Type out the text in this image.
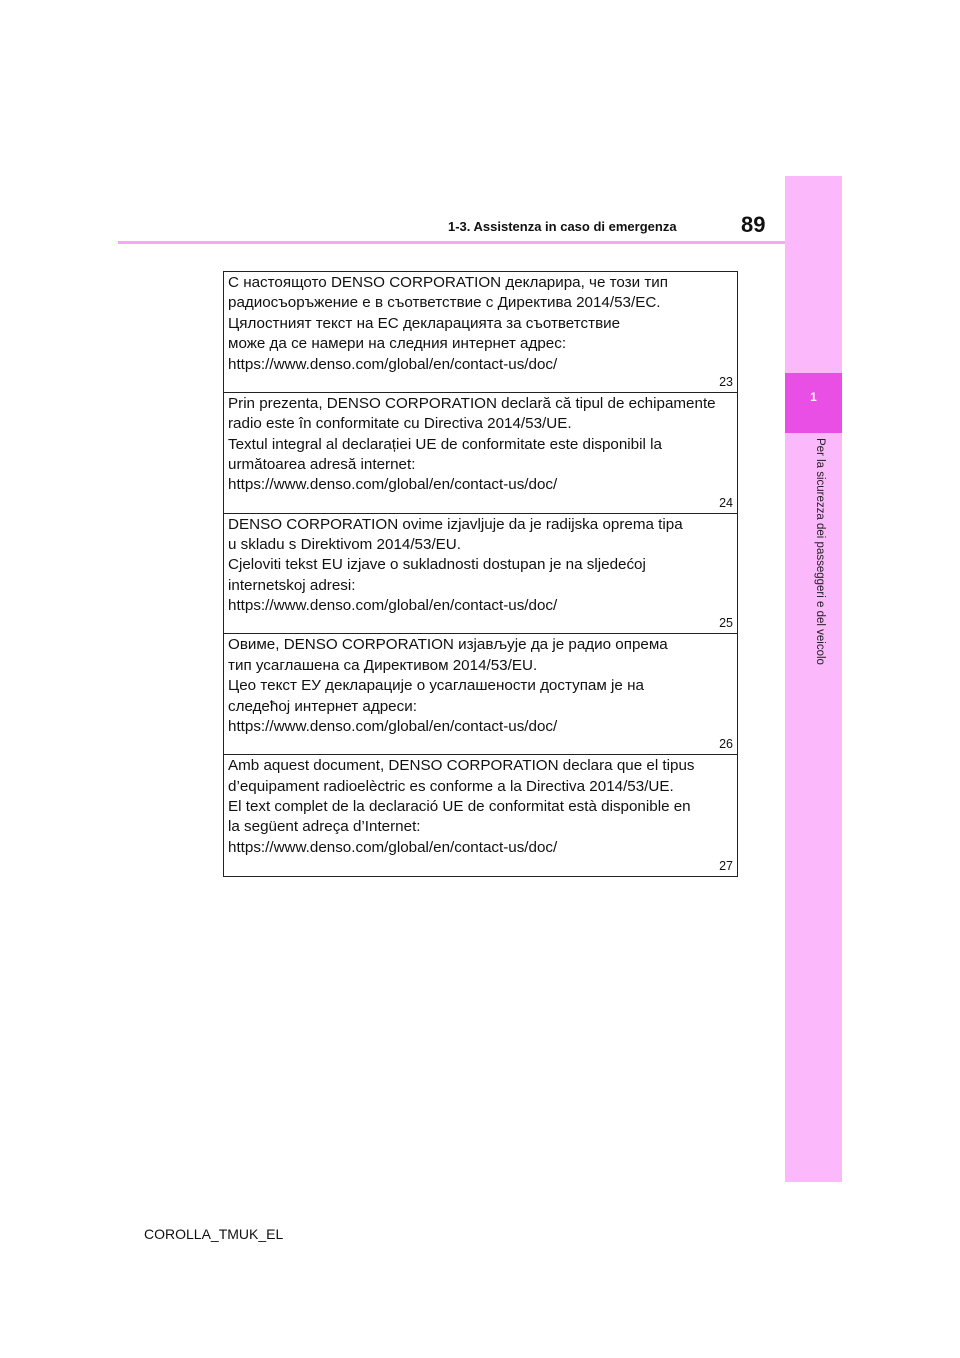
1
Per la sicurezza dei passeggeri e del veicolo
1-3. Assistenza in caso di emergenza	89
С настоящото DENSO CORPORATION декларира, че този тип
радиосъоръжение е в съответствие с Директива 2014/53/ЕС.
Цялостният текст на ЕС декларацията за съответствие
може да се намери на следния интернет адрес:
https://www.denso.com/global/en/contact-us/doc/
23
Prin prezenta, DENSO CORPORATION declară că tipul de echipamente
radio este în conformitate cu Directiva 2014/53/UE.
Textul integral al declarației UE de conformitate este disponibil la
următoarea adresă internet:
https://www.denso.com/global/en/contact-us/doc/
24
DENSO CORPORATION ovime izjavljuje da je radijska oprema tipa
u skladu s Direktivom 2014/53/EU.
Cjeloviti tekst EU izjave o sukladnosti dostupan je na sljedećoj
internetskoj adresi:
https://www.denso.com/global/en/contact-us/doc/
25
Овиме, DENSO CORPORATION изјављује да је радио опрема
тип усаглашена са Директивом 2014/53/EU.
Цео текст ЕУ декларације о усаглашености доступам је на
следећој интернет адреси:
https://www.denso.com/global/en/contact-us/doc/
26
Amb aquest document, DENSO CORPORATION declara que el tipus
d’equipament radioelèctric es conforme a la Directiva 2014/53/UE.
El text complet de la declaració UE de conformitat està disponible en
la següent adreça d’Internet:
https://www.denso.com/global/en/contact-us/doc/
27
COROLLA_TMUK_EL
